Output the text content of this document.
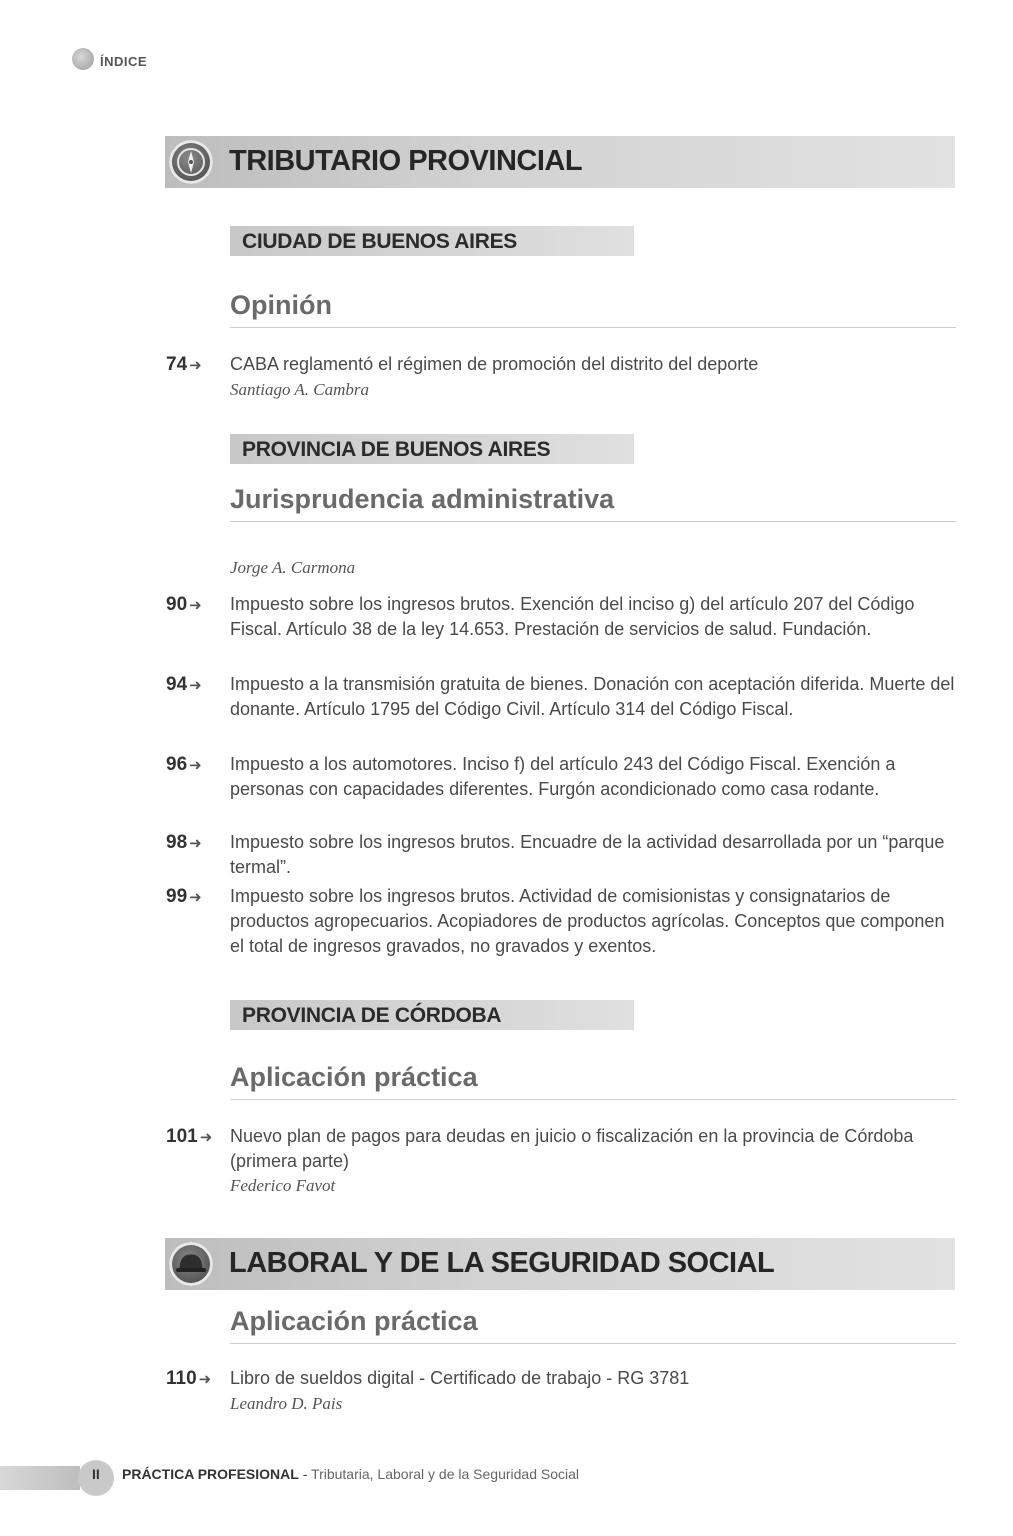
ÍNDICE
TRIBUTARIO PROVINCIAL
CIUDAD DE BUENOS AIRES
Opinión
74 ➜	CABA reglamentó el régimen de promoción del distrito del deporte
Santiago A. Cambra
PROVINCIA DE BUENOS AIRES
Jurisprudencia administrativa
Jorge A. Carmona
90 ➜	Impuesto sobre los ingresos brutos. Exención del inciso g) del artículo 207 del Código Fiscal. Artículo 38 de la ley 14.653. Prestación de servicios de salud. Fundación.
94 ➜	Impuesto a la transmisión gratuita de bienes. Donación con aceptación diferida. Muerte del donante. Artículo 1795 del Código Civil. Artículo 314 del Código Fiscal.
96 ➜	Impuesto a los automotores. Inciso f) del artículo 243 del Código Fiscal. Exención a personas con capacidades diferentes. Furgón acondicionado como casa rodante.
98 ➜	Impuesto sobre los ingresos brutos. Encuadre de la actividad desarrollada por un “parque termal”.
99 ➜	Impuesto sobre los ingresos brutos. Actividad de comisionistas y consignatarios de productos agropecuarios. Acopiadores de productos agrícolas. Conceptos que componen el total de ingresos gravados, no gravados y exentos.
PROVINCIA DE CÓRDOBA
Aplicación práctica
101 ➜ Nuevo plan de pagos para deudas en juicio o fiscalización en la provincia de Córdoba (primera parte)
Federico Favot
LABORAL Y DE LA SEGURIDAD SOCIAL
Aplicación práctica
110 ➜ Libro de sueldos digital - Certificado de trabajo - RG 3781
Leandro D. Pais
II PRÁCTICA PROFESIONAL - Tributaria, Laboral y de la Seguridad Social
